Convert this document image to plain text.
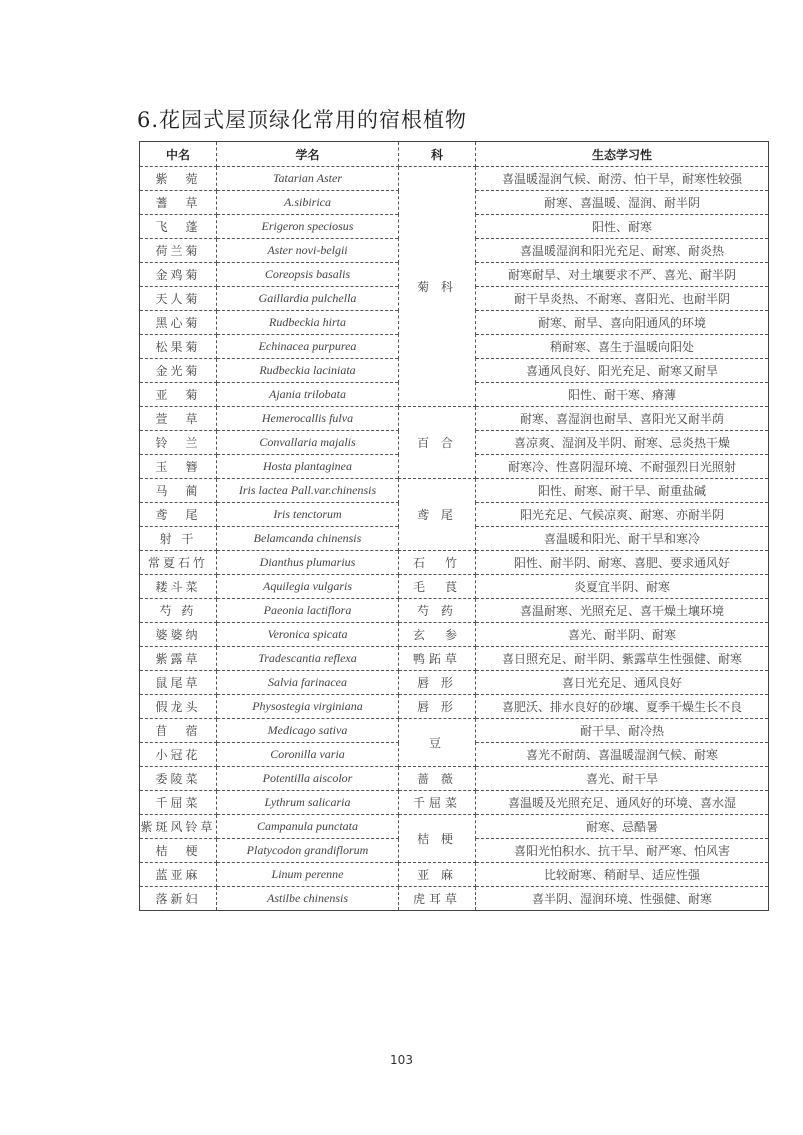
6.花园式屋顶绿化常用的宿根植物
中名	学名	科	生态学习性
紫　菀	Tatarian Aster	菊 科	喜温暖湿润气候、耐涝、怕干旱，耐寒性较强
蓍　草	A.sibirica		耐寒、喜温暖、湿润、耐半阴
飞　蓬	Erigeron speciosus		阳性、耐寒
荷兰菊	Aster novi-belgii		喜温暖湿润和阳光充足、耐寒、耐炎热
金鸡菊	Coreopsis basalis		耐寒耐旱、对土壤要求不严、喜光、耐半阴
天人菊	Gaillardia pulchella		耐干旱炎热、不耐寒、喜阳光、也耐半阴
黑心菊	Rudbeckia hirta		耐寒、耐旱、喜向阳通风的环境
松果菊	Echinacea purpurea		稍耐寒、喜生于温暖向阳处
金光菊	Rudbeckia laciniata		喜通风良好、阳光充足、耐寒又耐旱
亚　菊	Ajania trilobata		阳性、耐干寒、瘠薄
萱　草	Hemerocallis fulva	百 合	耐寒、喜湿润也耐旱、喜阳光又耐半荫
铃　兰	Convallaria majalis		喜凉爽、湿润及半阴、耐寒、忌炎热干燥
玉　簪	Hosta plantaginea		耐寒冷、性喜阴湿环境、不耐强烈日光照射
马　蔺	Iris lactea Pall.var.chinensis	鸢 尾	阳性、耐寒、耐干旱、耐重盐碱
鸢　尾	Iris tenctorum		阳光充足、气候凉爽、耐寒、亦耐半阴
射 干	Belamcanda chinensis		喜温暖和阳光、耐干旱和寒冷
常夏石竹	Dianthus plumarius	石　竹	阳性、耐半阴、耐寒、喜肥、要求通风好
耧斗菜	Aquilegia vulgaris	毛　茛	炎夏宜半阴、耐寒
芍 药	Paeonia lactiflora	芍 药	喜温耐寒、光照充足、喜干燥土壤环境
婆婆纳	Veronica spicata	玄　参	喜光、耐半阴、耐寒
紫露草	Tradescantia reflexa	鸭跖草	喜日照充足、耐半阴、紫露草生性强健、耐寒
鼠尾草	Salvia farinacea	唇 形	喜日光充足、通风良好
假龙头	Physostegia virginiana	唇 形	喜肥沃、排水良好的砂壤、夏季干燥生长不良
苜　蓿	Medicago sativa	豆	耐干旱、耐冷热
小冠花	Coronilla varia		喜光不耐荫、喜温暖湿润气候、耐寒
委陵菜	Potentilla aiscolor	蔷 薇	喜光、耐干旱
千屈菜	Lythrum salicaria	千屈菜	喜温暖及光照充足、通风好的环境、喜水湿
紫斑风铃草	Campanula punctata	桔 梗	耐寒、忌酷暑
桔　梗	Platycodon grandiflorum		喜阳光怕积水、抗干旱、耐严寒、怕风害
蓝亚麻	Linum perenne	亚 麻	比较耐寒、稍耐旱、适应性强
落新妇	Astilbe chinensis	虎耳草	喜半阴、湿润环境、性强健、耐寒
103
